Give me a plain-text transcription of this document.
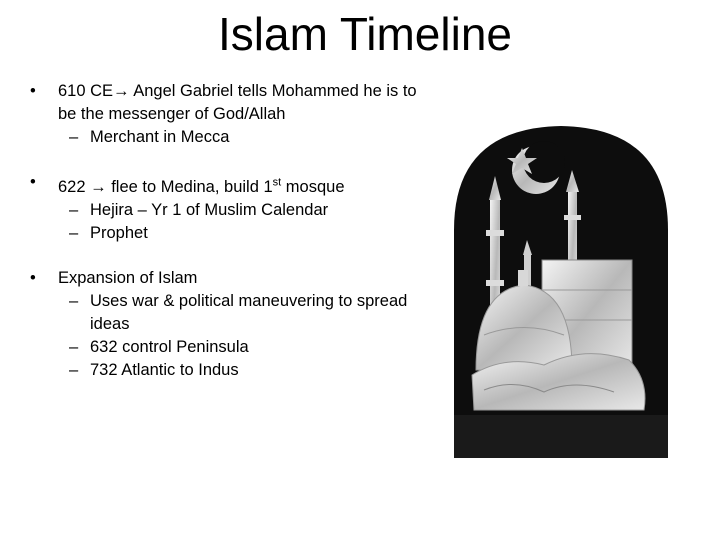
Islam Timeline
• 610 CE→ Angel Gabriel tells Mohammed he is to be the messenger of God/Allah
– Merchant in Mecca
• 622 → flee to Medina, build 1st mosque
– Hejira – Yr 1 of Muslim Calendar
– Prophet
• Expansion of Islam
– Uses war & political maneuvering to spread ideas
– 632 control Peninsula
– 732 Atlantic to Indus
